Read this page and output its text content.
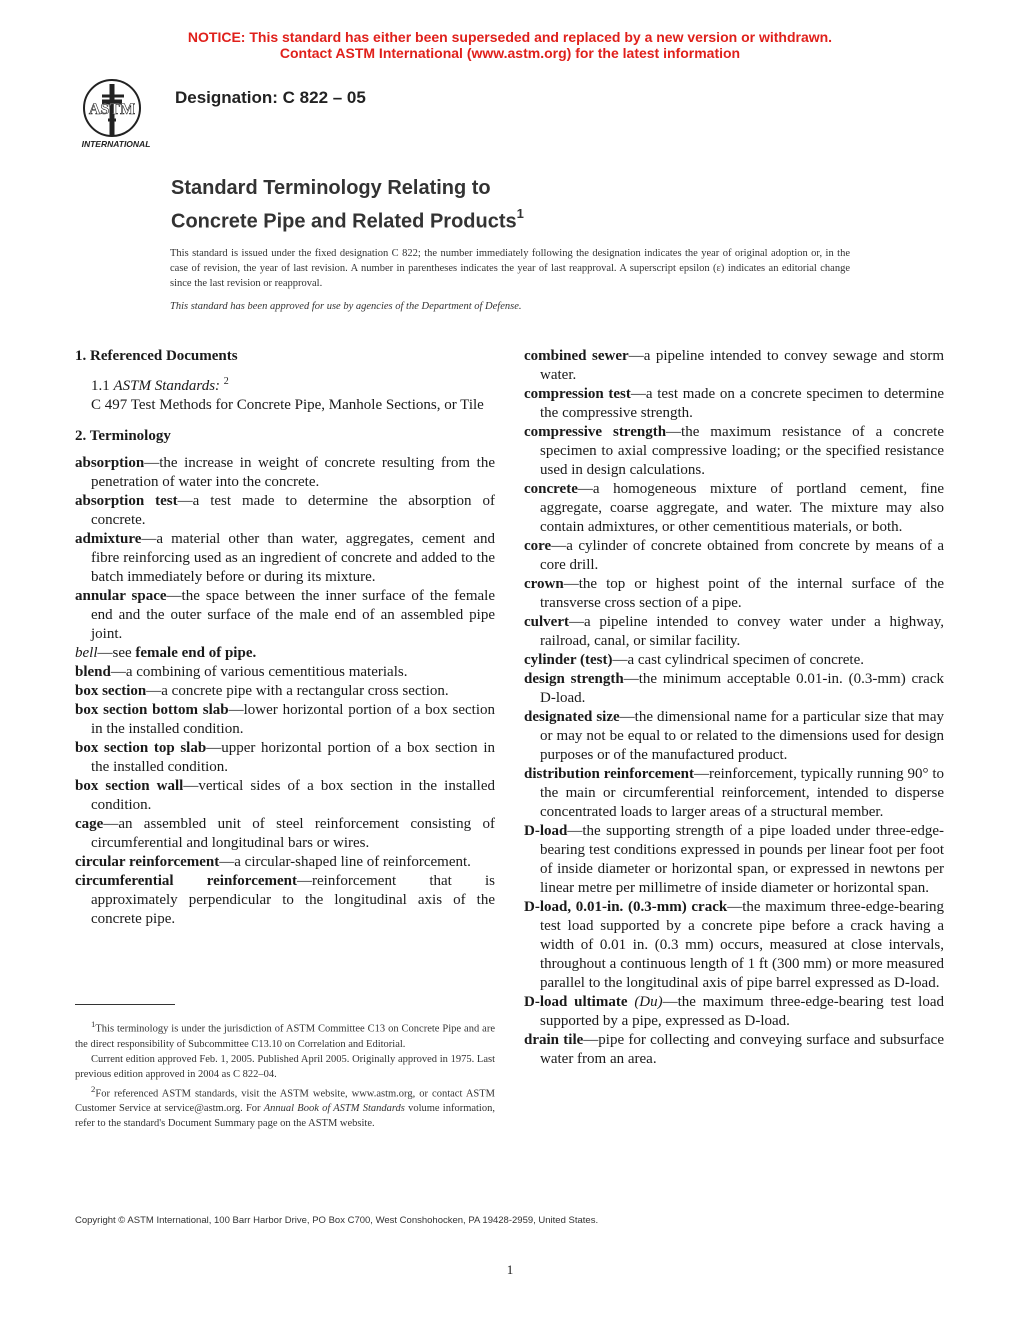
NOTICE: This standard has either been superseded and replaced by a new version or withdrawn.
Contact ASTM International (www.astm.org) for the latest information
ASTM
INTERNATIONAL
Designation: C 822 – 05
Standard Terminology Relating to
Concrete Pipe and Related Products$^1$
This standard is issued under the fixed designation C 822; the number immediately following the designation indicates the year of original adoption or, in the case of revision, the year of last revision. A number in parentheses indicates the year of last reapproval. A superscript epsilon (ε) indicates an editorial change since the last revision or reapproval.
This standard has been approved for use by agencies of the Department of Defense.
1. Referenced Documents
1.1 ASTM Standards: $^2$
C 497 Test Methods for Concrete Pipe, Manhole Sections, or Tile
2. Terminology
absorption—the increase in weight of concrete resulting from the penetration of water into the concrete.
absorption test—a test made to determine the absorption of concrete.
admixture—a material other than water, aggregates, cement and fibre reinforcing used as an ingredient of concrete and added to the batch immediately before or during its mixture.
annular space—the space between the inner surface of the female end and the outer surface of the male end of an assembled pipe joint.
bell—see female end of pipe.
blend—a combining of various cementitious materials.
box section—a concrete pipe with a rectangular cross section.
box section bottom slab—lower horizontal portion of a box section in the installed condition.
box section top slab—upper horizontal portion of a box section in the installed condition.
box section wall—vertical sides of a box section in the installed condition.
cage—an assembled unit of steel reinforcement consisting of circumferential and longitudinal bars or wires.
circular reinforcement—a circular-shaped line of reinforcement.
circumferential reinforcement—reinforcement that is approximately perpendicular to the longitudinal axis of the concrete pipe.
combined sewer—a pipeline intended to convey sewage and storm water.
compression test—a test made on a concrete specimen to determine the compressive strength.
compressive strength—the maximum resistance of a concrete specimen to axial compressive loading; or the specified resistance used in design calculations.
concrete—a homogeneous mixture of portland cement, fine aggregate, coarse aggregate, and water. The mixture may also contain admixtures, or other cementitious materials, or both.
core—a cylinder of concrete obtained from concrete by means of a core drill.
crown—the top or highest point of the internal surface of the transverse cross section of a pipe.
culvert—a pipeline intended to convey water under a highway, railroad, canal, or similar facility.
cylinder (test)—a cast cylindrical specimen of concrete.
design strength—the minimum acceptable 0.01-in. (0.3-mm) crack D-load.
designated size—the dimensional name for a particular size that may or may not be equal to or related to the dimensions used for design purposes or of the manufactured product.
distribution reinforcement—reinforcement, typically running 90° to the main or circumferential reinforcement, intended to disperse concentrated loads to larger areas of a structural member.
D-load—the supporting strength of a pipe loaded under three-edge-bearing test conditions expressed in pounds per linear foot per foot of inside diameter or horizontal span, or expressed in newtons per linear metre per millimetre of inside diameter or horizontal span.
D-load, 0.01-in. (0.3-mm) crack—the maximum three-edge-bearing test load supported by a concrete pipe before a crack having a width of 0.01 in. (0.3 mm) occurs, measured at close intervals, throughout a continuous length of 1 ft (300 mm) or more measured parallel to the longitudinal axis of pipe barrel expressed as D-load.
D-load ultimate (Du)—the maximum three-edge-bearing test load supported by a pipe, expressed as D-load.
drain tile—pipe for collecting and conveying surface and subsurface water from an area.

$^1$This terminology is under the jurisdiction of ASTM Committee C13 on Concrete Pipe and are the direct responsibility of Subcommittee C13.10 on Correlation and Editorial.

Current edition approved Feb. 1, 2005. Published April 2005. Originally approved in 1975. Last previous edition approved in 2004 as C 822–04.

$^2$For referenced ASTM standards, visit the ASTM website, www.astm.org, or contact ASTM Customer Service at service@astm.org. For Annual Book of ASTM Standards volume information, refer to the standard's Document Summary page on the ASTM website.

Copyright © ASTM International, 100 Barr Harbor Drive, PO Box C700, West Conshohocken, PA 19428-2959, United States.
1
